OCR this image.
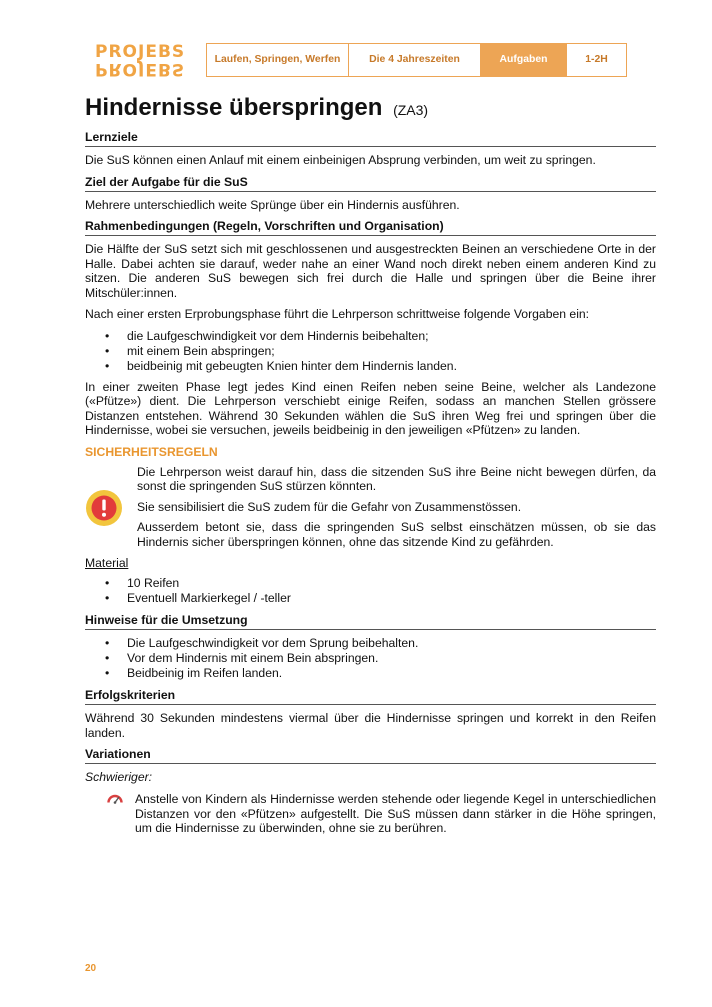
PROJEBS
PROJEBS	Laufen, Springen, Werfen	Die 4 Jahreszeiten	Aufgaben	1-2H
Hindernisse überspringen (ZA3)
Lernziele

Die SuS können einen Anlauf mit einem einbeinigen Absprung verbinden, um weit zu springen.

Ziel der Aufgabe für die SuS

Mehrere unterschiedlich weite Sprünge über ein Hindernis ausführen.

Rahmenbedingungen (Regeln, Vorschriften und Organisation)

Die Hälfte der SuS setzt sich mit geschlossenen und ausgestreckten Beinen an verschiedene Orte in der Halle. Dabei achten sie darauf, weder nahe an einer Wand noch direkt neben einem anderen Kind zu sitzen. Die anderen SuS bewegen sich frei durch die Halle und springen über die Beine ihrer Mitschüler:innen.

Nach einer ersten Erprobungsphase führt die Lehrperson schrittweise folgende Vorgaben ein:

• die Laufgeschwindigkeit vor dem Hindernis beibehalten;
• mit einem Bein abspringen;
• beidbeinig mit gebeugten Knien hinter dem Hindernis landen.

In einer zweiten Phase legt jedes Kind einen Reifen neben seine Beine, welcher als Landezone («Pfütze») dient. Die Lehrperson verschiebt einige Reifen, sodass an manchen Stellen grössere Distanzen entstehen. Während 30 Sekunden wählen die SuS ihren Weg frei und springen über die Hindernisse, wobei sie versuchen, jeweils beidbeinig in den jeweiligen «Pfützen» zu landen.

SICHERHEITSREGELN

Die Lehrperson weist darauf hin, dass die sitzenden SuS ihre Beine nicht bewegen dürfen, da sonst die springenden SuS stürzen könnten.

Sie sensibilisiert die SuS zudem für die Gefahr von Zusammenstössen.

Ausserdem betont sie, dass die springenden SuS selbst einschätzen müssen, ob sie das Hindernis sicher überspringen können, ohne das sitzende Kind zu gefährden.

Material
• 10 Reifen
• Eventuell Markierkegel / -teller
Hinweise für die Umsetzung
• Die Laufgeschwindigkeit vor dem Sprung beibehalten.
• Vor dem Hindernis mit einem Bein abspringen.
• Beidbeinig im Reifen landen.
Erfolgskriterien

Während 30 Sekunden mindestens viermal über die Hindernisse springen und korrekt in den Reifen landen.

Variationen
Schwieriger:

Anstelle von Kindern als Hindernisse werden stehende oder liegende Kegel in unterschiedlichen Distanzen vor den «Pfützen» aufgestellt. Die SuS müssen dann stärker in die Höhe springen, um die Hindernisse zu überwinden, ohne sie zu berühren.

20
